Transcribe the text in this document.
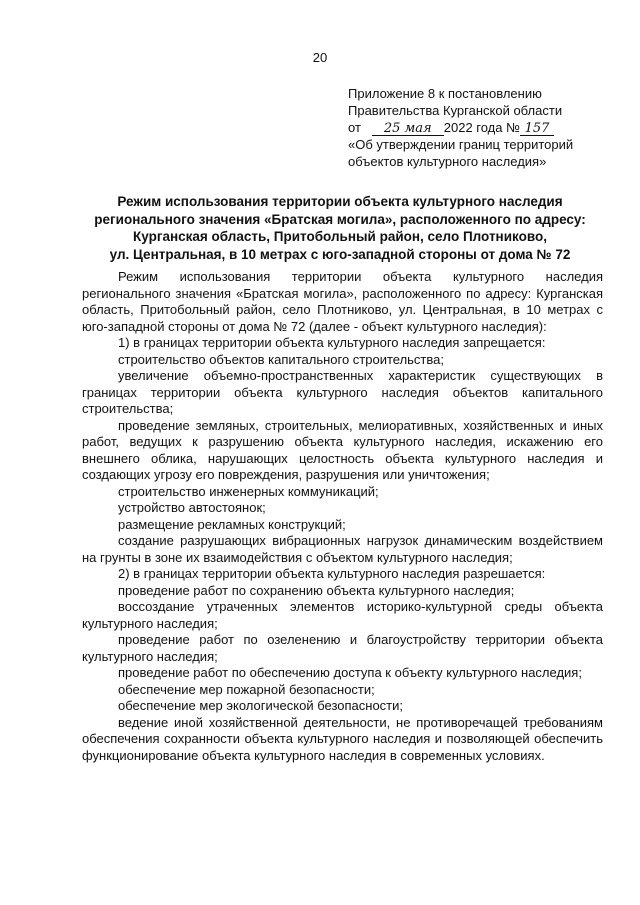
20
Приложение 8 к постановлению
Правительства Курганской области
от 25 мая 2022 года № 157
«Об утверждении границ территорий
объектов культурного наследия»
Режим использования территории объекта культурного наследия
регионального значения «Братская могила», расположенного по адресу:
Курганская область, Притобольный район, село Плотниково,
ул. Центральная, в 10 метрах с юго-западной стороны от дома № 72
Режим использования территории объекта культурного наследия регионального значения «Братская могила», расположенного по адресу: Курганская область, Притобольный район, село Плотниково, ул. Центральная, в 10 метрах с юго-западной стороны от дома № 72 (далее - объект культурного наследия):
1) в границах территории объекта культурного наследия запрещается:
строительство объектов капитального строительства;
увеличение объемно-пространственных характеристик существующих в границах территории объекта культурного наследия объектов капитального строительства;
проведение земляных, строительных, мелиоративных, хозяйственных и иных работ, ведущих к разрушению объекта культурного наследия, искажению его внешнего облика, нарушающих целостность объекта культурного наследия и создающих угрозу его повреждения, разрушения или уничтожения;
строительство инженерных коммуникаций;
устройство автостоянок;
размещение рекламных конструкций;
создание разрушающих вибрационных нагрузок динамическим воздействием на грунты в зоне их взаимодействия с объектом культурного наследия;
2) в границах территории объекта культурного наследия разрешается:
проведение работ по сохранению объекта культурного наследия;
воссоздание утраченных элементов историко-культурной среды объекта культурного наследия;
проведение работ по озеленению и благоустройству территории объекта культурного наследия;
проведение работ по обеспечению доступа к объекту культурного наследия;
обеспечение мер пожарной безопасности;
обеспечение мер экологической безопасности;
ведение иной хозяйственной деятельности, не противоречащей требованиям обеспечения сохранности объекта культурного наследия и позволяющей обеспечить функционирование объекта культурного наследия в современных условиях.
